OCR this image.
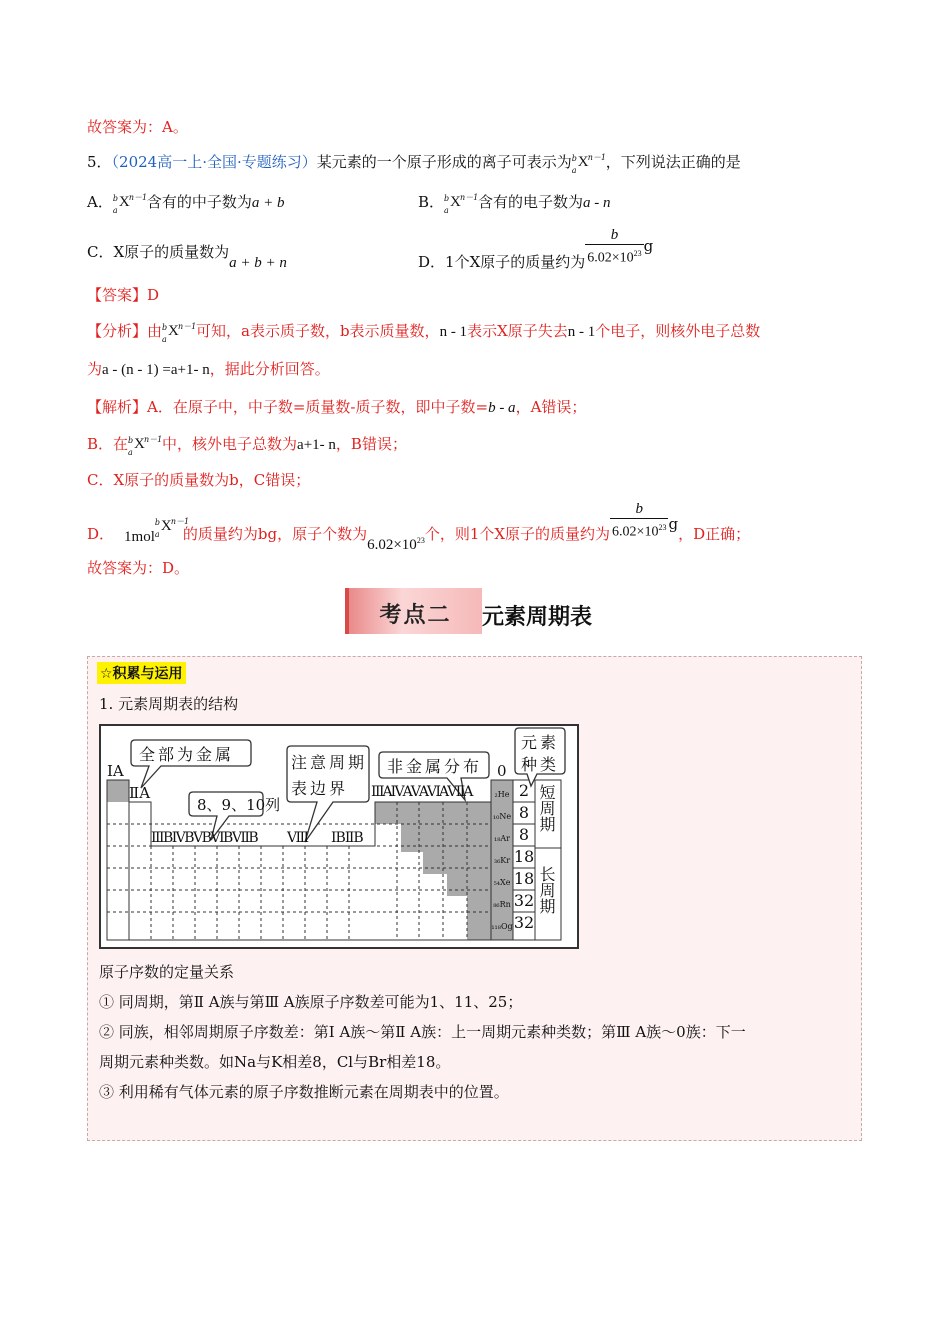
故答案为：A。
5．（2024高一上·全国·专题练习）某元素的一个原子形成的离子可表示为 b
a
X n－1 ，下列说法正确的是
A． b
a
X n－1 含有的中子数为a + b	B． b
a
X n－1 含有的电子数为a - n
C．X原子的质量数为a + b + n	D．1个X原子的质量约为 $\frac{b}{6.02\times 10^{23}}$ g
【答案】D
【分析】由 b
a
X n－1 可知，a表示质子数，b表示质量数，n - 1表示X原子失去n - 1个电子，则核外电子总数
为a - (n - 1) =a+1- n，据此分析回答。
【解析】A．在原子中，中子数=质量数-质子数，即中子数=b - a，A错误；
B．在 b
a
X n－1 中，核外电子总数为a+1- n，B错误；
C．X原子的质量数为b，C错误；
D． 1mol
b
a
X n－1
的质量约为bg，原子个数为$6.02\times 10^{23}$个，则1个X原子的质量约为 $\frac{b}{6.02\times 10^{23}}$ g，D正确；
故答案为：D。
考点二	元素周期表
☆积累与运用
1. 元素周期表的结构
ⅠA
ⅡA
ⅢBⅣBⅤBⅥBⅦB Ⅷ ⅠBⅡB
ⅢAⅣAⅤAⅥAⅦA
0
全部为金属
8、9、10列
注意周期
表边界
非金属分布
元素
种类
₂He
₁₀Ne
₁₈Ar
₃₆Kr
₅₄Xe
₈₆Rn
₁₁₈Og
2
8
8
18
18
32
32
短周期
长周期
原子序数的定量关系
① 同周期，第Ⅱ A族与第Ⅲ A族原子序数差可能为1、11、25；
② 同族，相邻周期原子序数差：第Ⅰ A族～第Ⅱ A族：上一周期元素种类数；第Ⅲ A族～0族：下一
周期元素种类数。如Na与K相差8，Cl与Br相差18。
③ 利用稀有气体元素的原子序数推断元素在周期表中的位置。
